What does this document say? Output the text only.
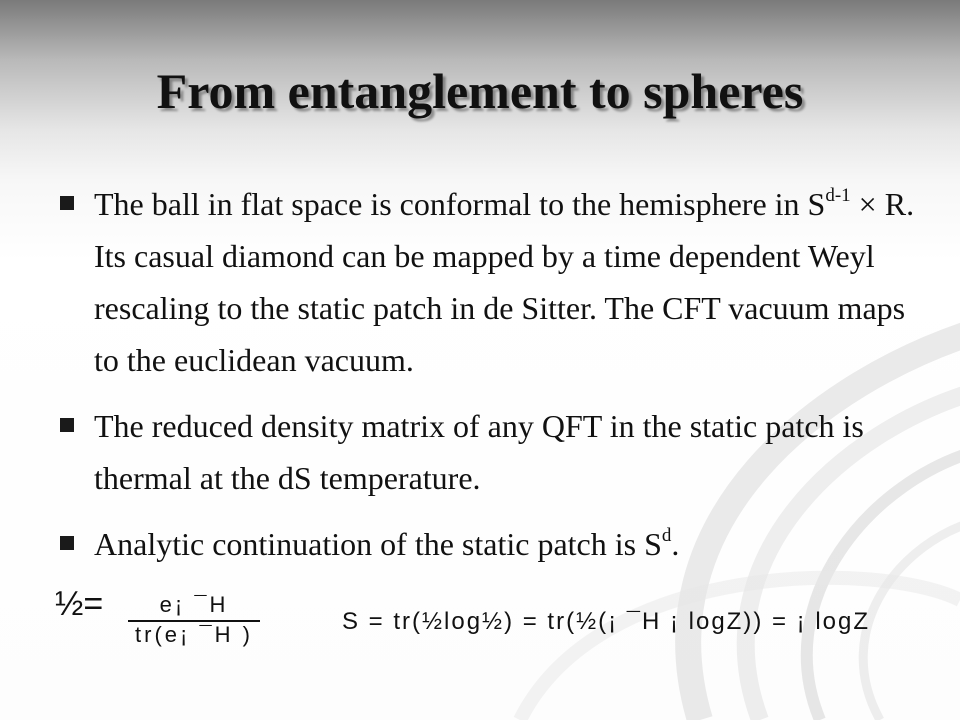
From entanglement to spheres
The ball in flat space is conformal to the hemisphere in $S^{d-1} \times R$. Its casual diamond can be mapped by a time dependent Weyl rescaling to the static patch in de Sitter. The CFT vacuum maps to the euclidean vacuum.
The reduced density matrix of any QFT in the static patch is thermal at the dS temperature.
Analytic continuation of the static patch is $S^d$.
½= $\frac{e¡ ¯H}{tr(e¡ ¯H )}$	S = tr(½log½) = tr(½(¡ ¯H ¡ logZ)) = ¡ logZ
